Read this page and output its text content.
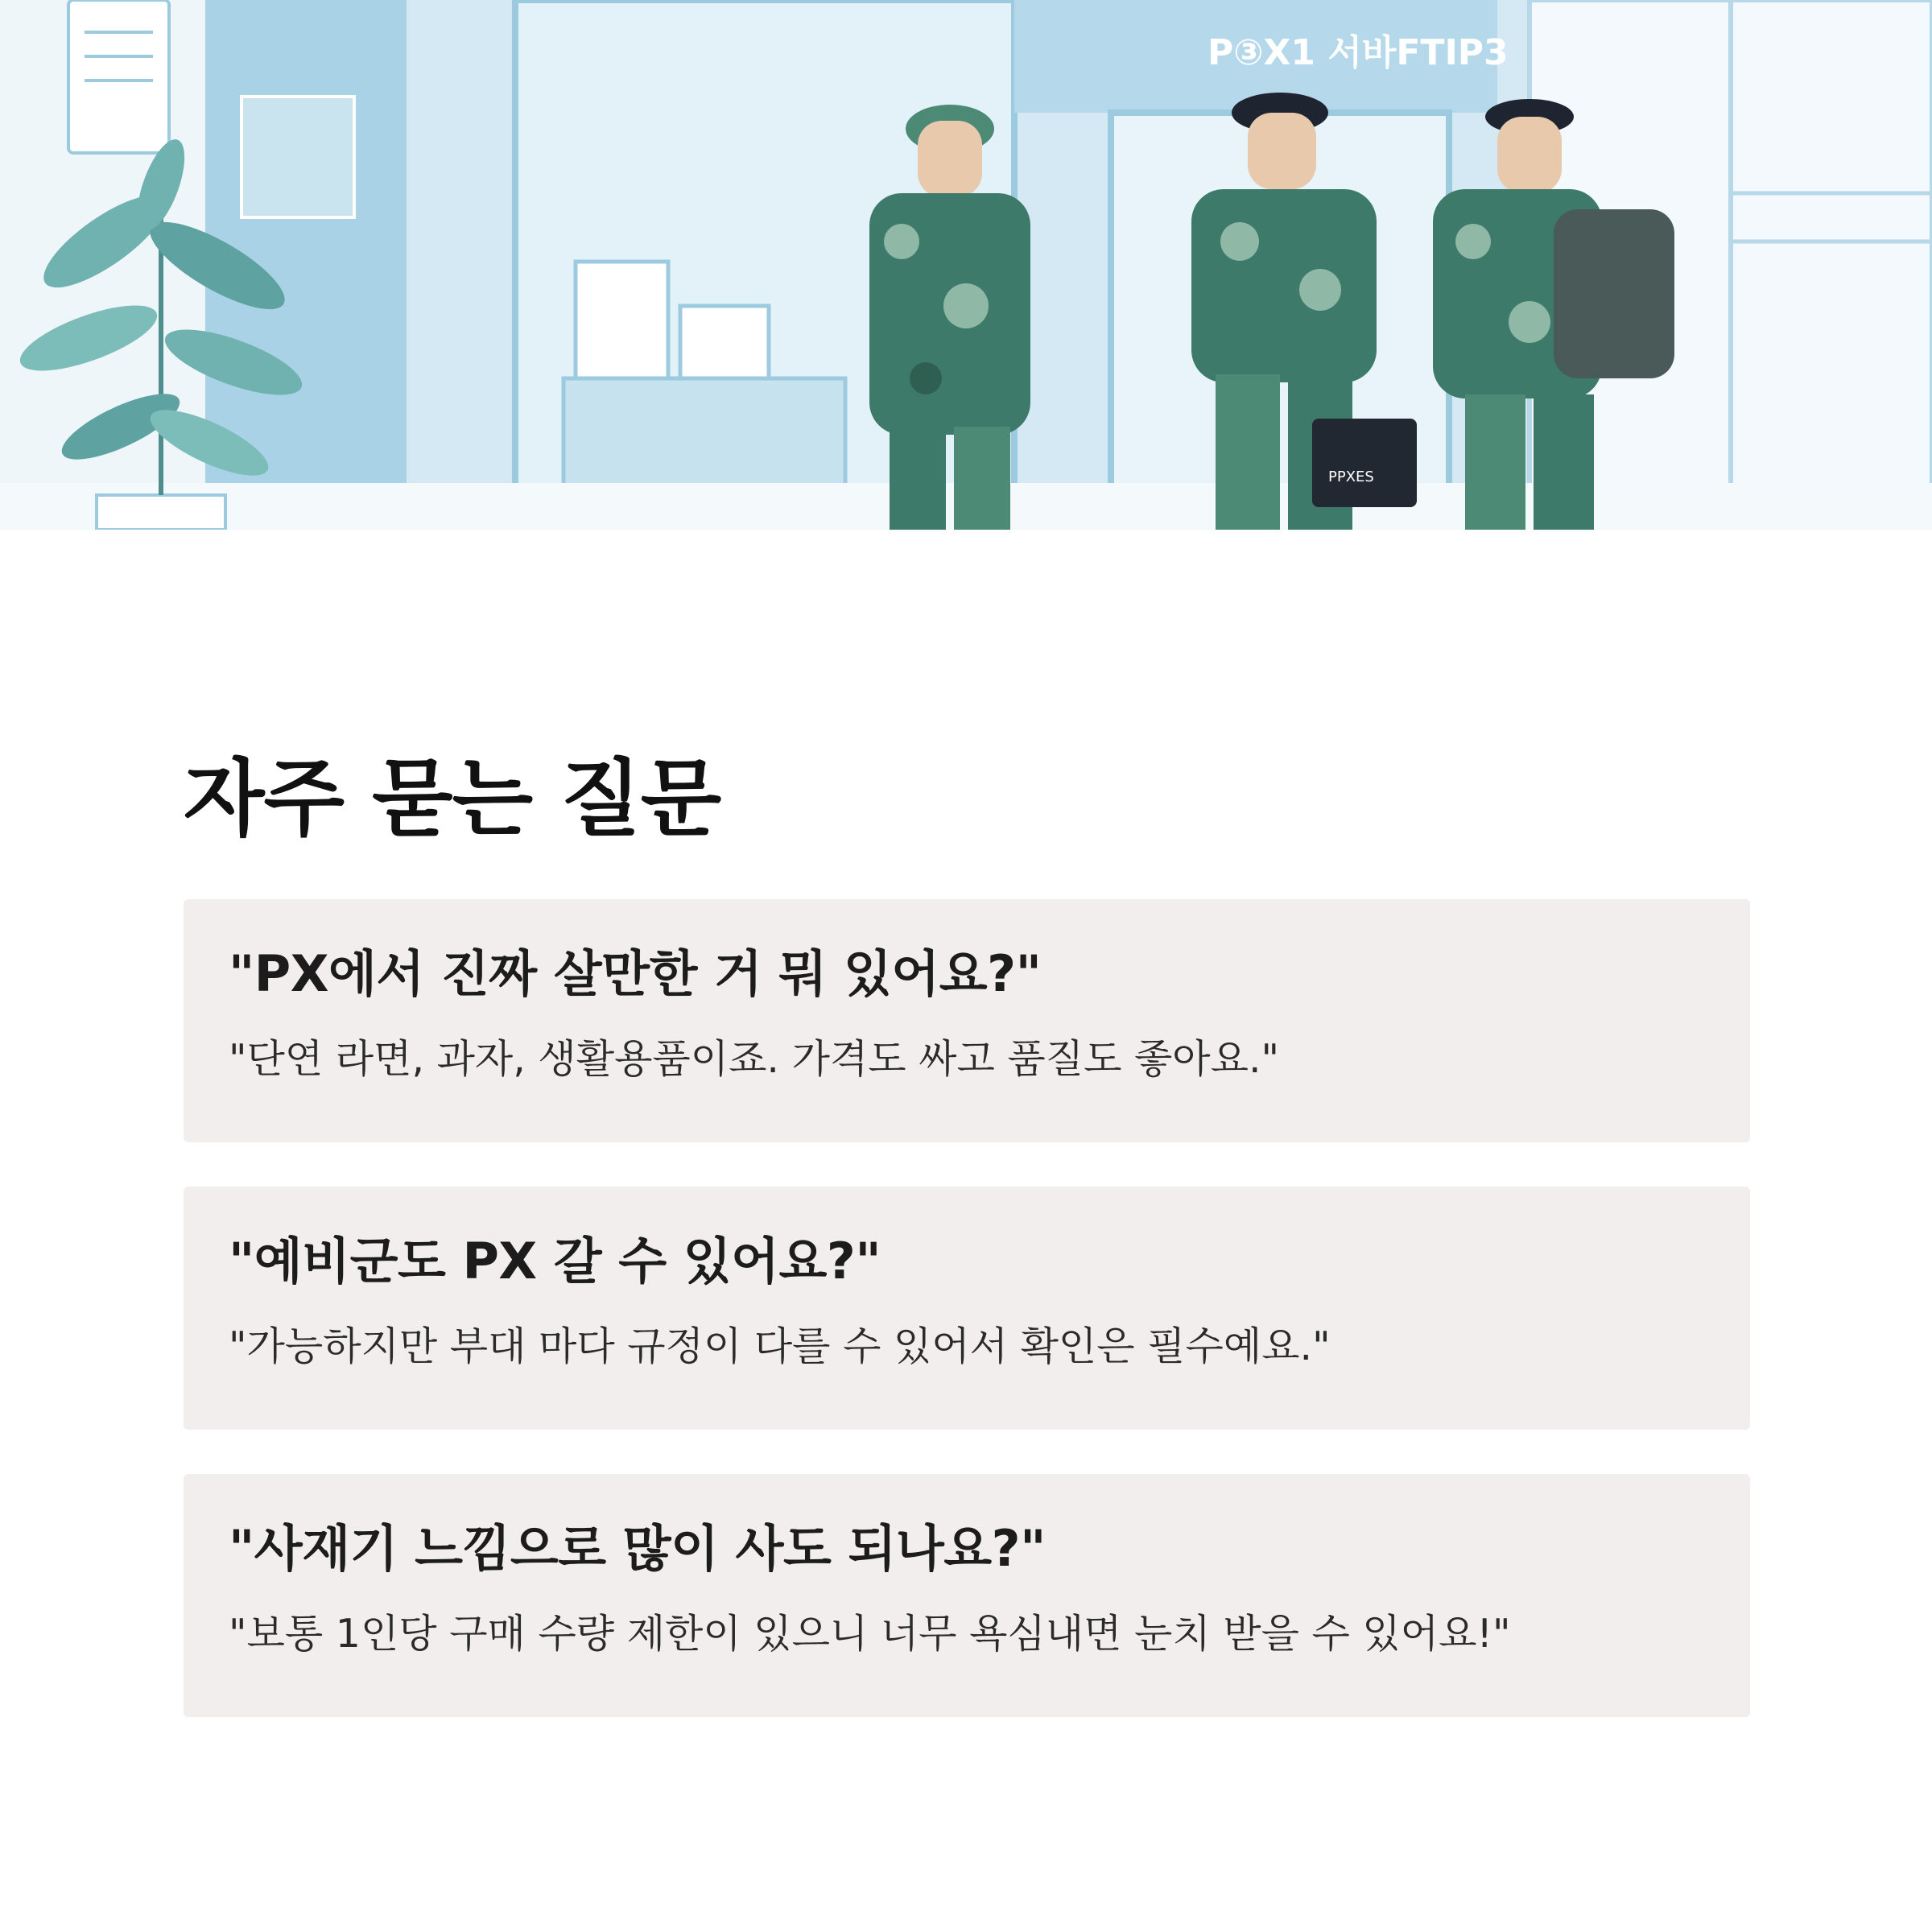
P③X1 서바FTIP3
PPXES
자주 묻는 질문

"PX에서 진짜 살만한 거 뭐 있어요?"

"단연 라면, 과자, 생활용품이죠. 가격도 싸고 품질도 좋아요."

"예비군도 PX 갈 수 있어요?"

"가능하지만 부대 마다 규정이 다를 수 있어서 확인은 필수예요."

"사재기 느낌으로 많이 사도 되나요?"

"보통 1인당 구매 수량 제한이 있으니 너무 욕심내면 눈치 받을 수 있어요!"
